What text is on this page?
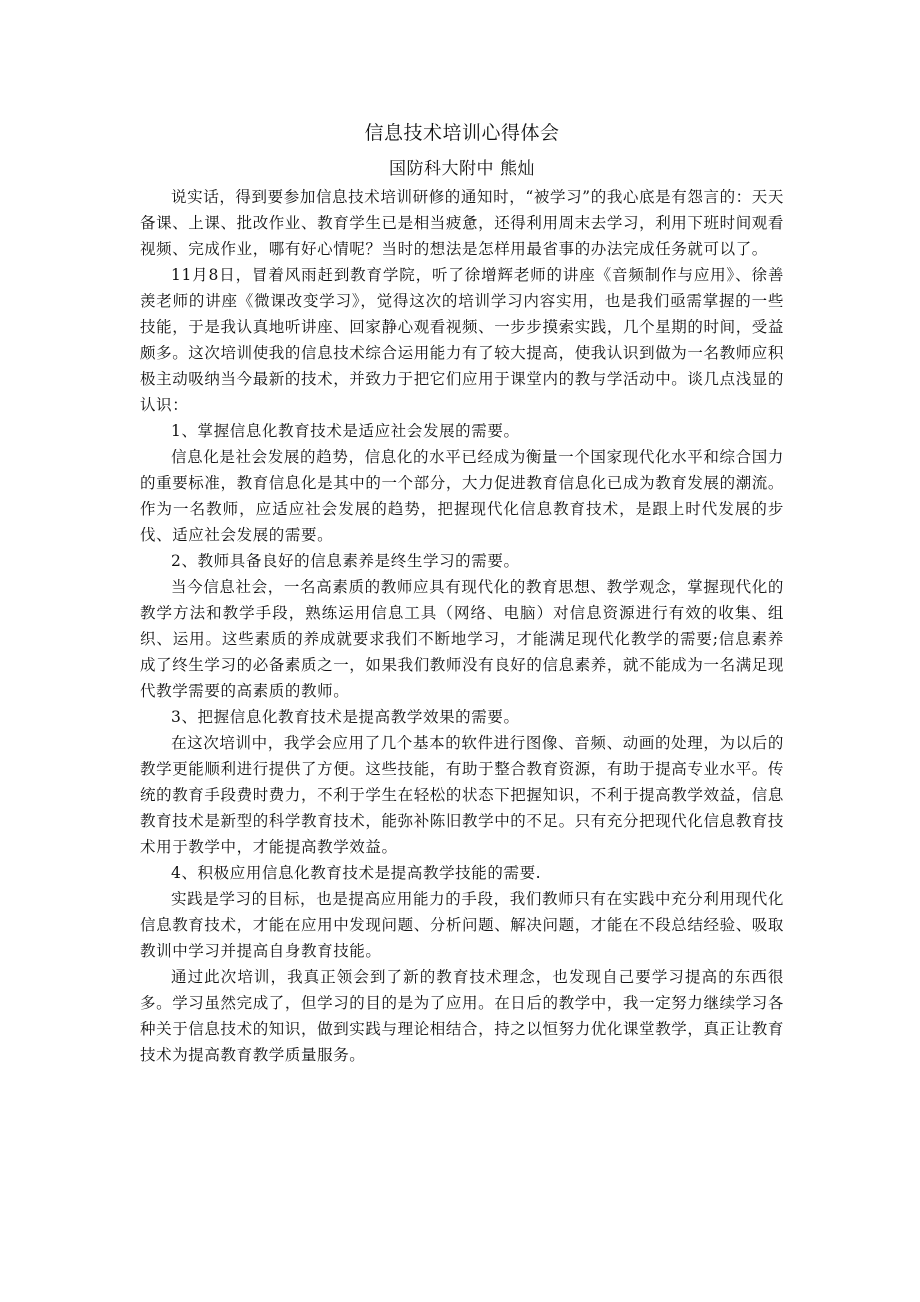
信息技术培训心得体会
国防科大附中 熊灿

说实话，得到要参加信息技术培训研修的通知时，“被学习”的我心底是有怨言的：天天备课、上课、批改作业、教育学生已是相当疲惫，还得利用周末去学习，利用下班时间观看视频、完成作业，哪有好心情呢？当时的想法是怎样用最省事的办法完成任务就可以了。

11月8日，冒着风雨赶到教育学院，听了徐增辉老师的讲座《音频制作与应用》、徐善羡老师的讲座《微课改变学习》，觉得这次的培训学习内容实用，也是我们亟需掌握的一些技能，于是我认真地听讲座、回家静心观看视频、一步步摸索实践，几个星期的时间，受益颇多。这次培训使我的信息技术综合运用能力有了较大提高，使我认识到做为一名教师应积极主动吸纳当今最新的技术，并致力于把它们应用于课堂内的教与学活动中。谈几点浅显的认识：

1、掌握信息化教育技术是适应社会发展的需要。

信息化是社会发展的趋势，信息化的水平已经成为衡量一个国家现代化水平和综合国力的重要标准，教育信息化是其中的一个部分，大力促进教育信息化已成为教育发展的潮流。作为一名教师，应适应社会发展的趋势，把握现代化信息教育技术，是跟上时代发展的步伐、适应社会发展的需要。

2、教师具备良好的信息素养是终生学习的需要。

当今信息社会，一名高素质的教师应具有现代化的教育思想、教学观念，掌握现代化的教学方法和教学手段，熟练运用信息工具（网络、电脑）对信息资源进行有效的收集、组织、运用。这些素质的养成就要求我们不断地学习，才能满足现代化教学的需要;信息素养成了终生学习的必备素质之一，如果我们教师没有良好的信息素养，就不能成为一名满足现代教学需要的高素质的教师。

3、把握信息化教育技术是提高教学效果的需要。

在这次培训中，我学会应用了几个基本的软件进行图像、音频、动画的处理，为以后的教学更能顺利进行提供了方便。这些技能，有助于整合教育资源，有助于提高专业水平。传统的教育手段费时费力，不利于学生在轻松的状态下把握知识，不利于提高教学效益，信息教育技术是新型的科学教育技术，能弥补陈旧教学中的不足。只有充分把现代化信息教育技术用于教学中，才能提高教学效益。

4、积极应用信息化教育技术是提高教学技能的需要.

实践是学习的目标，也是提高应用能力的手段，我们教师只有在实践中充分利用现代化信息教育技术，才能在应用中发现问题、分析问题、解决问题，才能在不段总结经验、吸取教训中学习并提高自身教育技能。

通过此次培训，我真正领会到了新的教育技术理念，也发现自己要学习提高的东西很多。学习虽然完成了，但学习的目的是为了应用。在日后的教学中，我一定努力继续学习各种关于信息技术的知识，做到实践与理论相结合，持之以恒努力优化课堂教学，真正让教育技术为提高教育教学质量服务。
